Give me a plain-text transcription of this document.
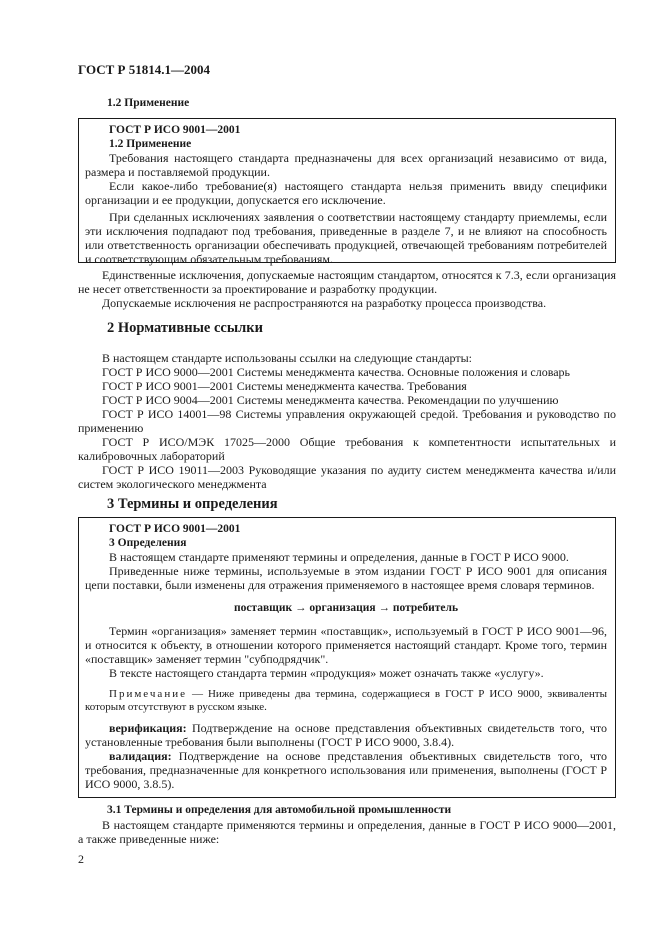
ГОСТ Р 51814.1—2004
1.2 Применение
ГОСТ Р ИСО 9001—2001
1.2 Применение

Требования настоящего стандарта предназначены для всех организаций независимо от вида, размера и поставляемой продукции.

Если какое-либо требование(я) настоящего стандарта нельзя применить ввиду специфики организации и ее продукции, допускается его исключение.

При сделанных исключениях заявления о соответствии настоящему стандарту приемлемы, если эти исключения подпадают под требования, приведенные в разделе 7, и не влияют на способность или ответственность организации обеспечивать продукцией, отвечающей требованиям потребителей и соответствующим обязательным требованиям.

Единственные исключения, допускаемые настоящим стандартом, относятся к 7.3, если организация не несет ответственности за проектирование и разработку продукции.

Допускаемые исключения не распространяются на разработку процесса производства.

2 Нормативные ссылки

В настоящем стандарте использованы ссылки на следующие стандарты:

ГОСТ Р ИСО 9000—2001 Системы менеджмента качества. Основные положения и словарь

ГОСТ Р ИСО 9001—2001 Системы менеджмента качества. Требования

ГОСТ Р ИСО 9004—2001 Системы менеджмента качества. Рекомендации по улучшению

ГОСТ Р ИСО 14001—98 Системы управления окружающей средой. Требования и руководство по применению

ГОСТ Р ИСО/МЭК 17025—2000 Общие требования к компетентности испытательных и калибровочных лабораторий

ГОСТ Р ИСО 19011—2003 Руководящие указания по аудиту систем менеджмента качества и/или систем экологического менеджмента

3 Термины и определения
ГОСТ Р ИСО 9001—2001
3 Определения

В настоящем стандарте применяют термины и определения, данные в ГОСТ Р ИСО 9000.

Приведенные ниже термины, используемые в этом издании ГОСТ Р ИСО 9001 для описания цепи поставки, были изменены для отражения применяемого в настоящее время словаря терминов.

поставщик → организация → потребитель

Термин «организация» заменяет термин «поставщик», используемый в ГОСТ Р ИСО 9001—96, и относится к объекту, в отношении которого применяется настоящий стандарт. Кроме того, термин «поставщик» заменяет термин "субподрядчик".

В тексте настоящего стандарта термин «продукция» может означать также «услугу».

Примечание — Ниже приведены два термина, содержащиеся в ГОСТ Р ИСО 9000, эквиваленты которым отсутствуют в русском языке.

верификация: Подтверждение на основе представления объективных свидетельств того, что установленные требования были выполнены (ГОСТ Р ИСО 9000, 3.8.4).

валидация: Подтверждение на основе представления объективных свидетельств того, что требования, предназначенные для конкретного использования или применения, выполнены (ГОСТ Р ИСО 9000, 3.8.5).

3.1 Термины и определения для автомобильной промышленности

В настоящем стандарте применяются термины и определения, данные в ГОСТ Р ИСО 9000—2001, а также приведенные ниже:

2
